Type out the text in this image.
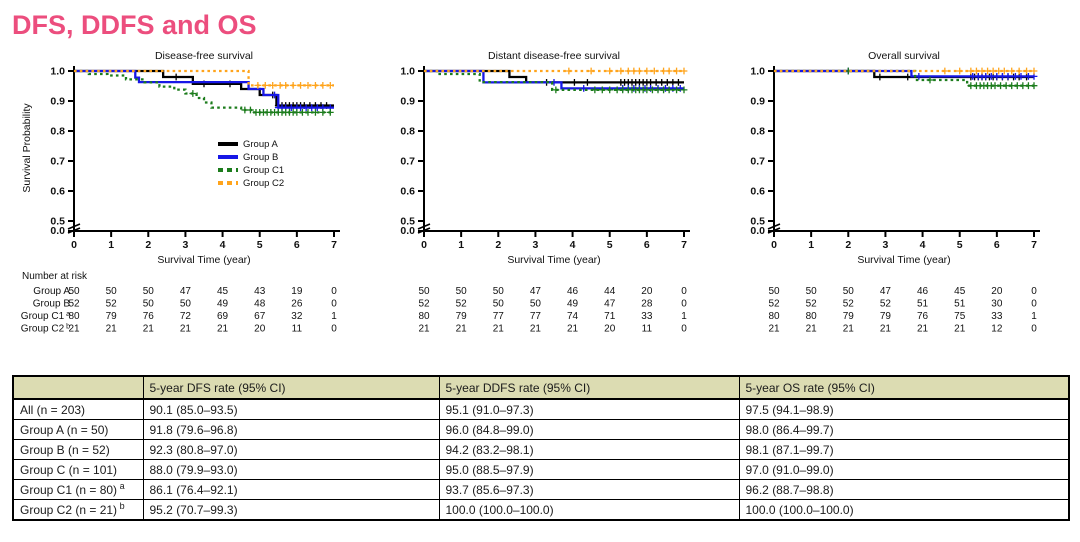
DFS, DDFS and OS
Disease-free survival
1.0
0.9
0.8
0.7
0.6
0.5
0.0
0	1	2	3	4	5	6	7
Survival Time (year)
Survival Probability	Group A
Group B
Group C1
Group C2
Number at risk
Group A
50	50	50	47	45	43	19	0
Group B
52	52	50	50	49	48	26	0
Group C1 $^a$
80	79	76	72	69	67	32	1
Group C2 $^b$
21	21	21	21	21	20	11	0
Distant disease-free survival
1.0
0.9
0.8
0.7
0.6
0.5
0.0
0	1	2	3	4	5	6	7
Survival Time (year)
50	50	50	47	46	44	20	0
52	52	50	50	49	47	28	0
80	79	77	77	74	71	33	1
21	21	21	21	21	20	11	0
Overall survival
1.0
0.9
0.8
0.7
0.6
0.5
0.0
0	1	2	3	4	5	6	7
Survival Time (year)
50	50	50	47	46	45	20	0
52	52	52	52	51	51	30	0
80	80	79	79	76	75	33	1
21	21	21	21	21	21	12	0
	5-year DFS rate (95% CI)	5-year DDFS rate (95% CI)	5-year OS rate (95% CI)
All (n = 203)	90.1 (85.0–93.5)	95.1 (91.0–97.3)	97.5 (94.1–98.9)
Group A (n = 50)	91.8 (79.6–96.8)	96.0 (84.8–99.0)	98.0 (86.4–99.7)
Group B (n = 52)	92.3 (80.8–97.0)	94.2 (83.2–98.1)	98.1 (87.1–99.7)
Group C (n = 101)	88.0 (79.9–93.0)	95.0 (88.5–97.9)	97.0 (91.0–99.0)
Group C1 (n = 80) $^a$	86.1 (76.4–92.1)	93.7 (85.6–97.3)	96.2 (88.7–98.8)
Group C2 (n = 21) $^b$	95.2 (70.7–99.3)	100.0 (100.0–100.0)	100.0 (100.0–100.0)
